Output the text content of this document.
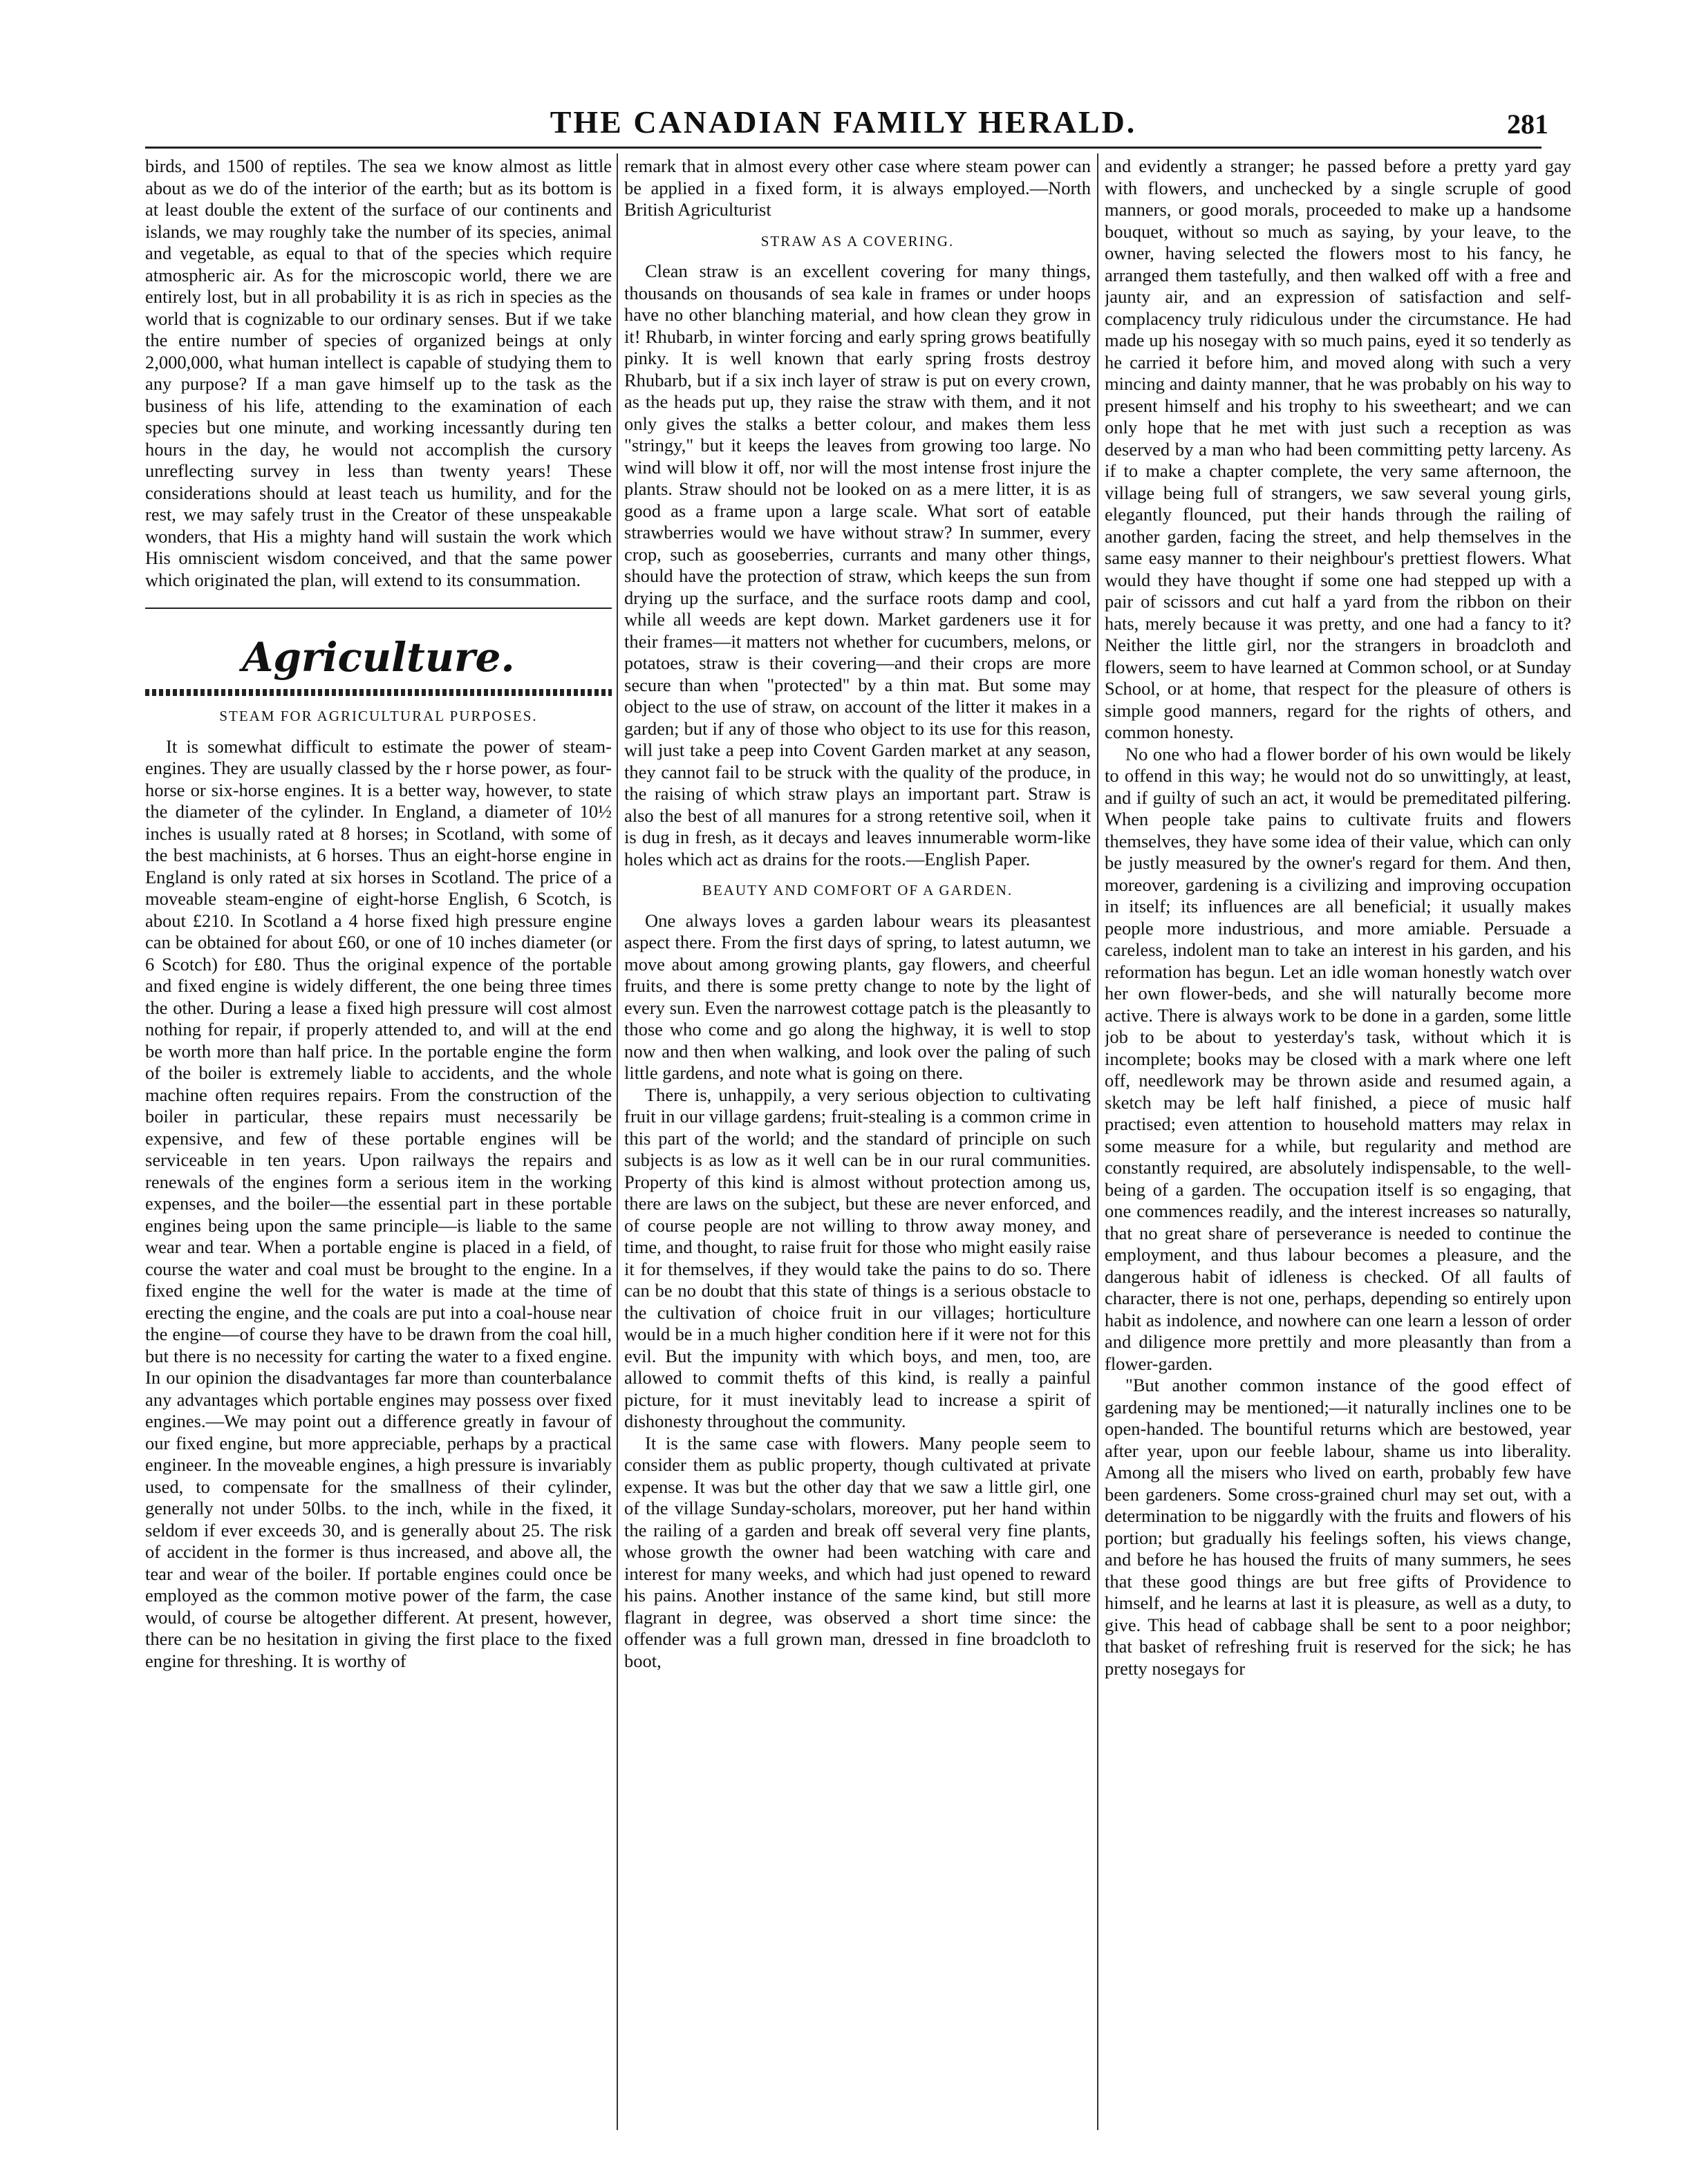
THE CANADIAN FAMILY HERALD.	281

birds, and 1500 of reptiles. The sea we know almost as little about as we do of the interior of the earth; but as its bottom is at least double the extent of the surface of our continents and islands, we may roughly take the number of its species, animal and vegetable, as equal to that of the species which require atmospheric air. As for the microscopic world, there we are entirely lost, but in all probability it is as rich in species as the world that is cognizable to our ordinary senses. But if we take the entire number of species of organized beings at only 2,000,000, what human intellect is capable of studying them to any purpose? If a man gave himself up to the task as the business of his life, attending to the examination of each species but one minute, and working incessantly during ten hours in the day, he would not accomplish the cursory unreflecting survey in less than twenty years! These considerations should at least teach us humility, and for the rest, we may safely trust in the Creator of these unspeakable wonders, that His a mighty hand will sustain the work which His omniscient wisdom conceived, and that the same power which originated the plan, will extend to its consummation.

Agriculture.
STEAM FOR AGRICULTURAL PURPOSES.

It is somewhat difficult to estimate the power of steam-engines. They are usually classed by the r horse power, as four-horse or six-horse engines. It is a better way, however, to state the diameter of the cylinder. In England, a diameter of 10½ inches is usually rated at 8 horses; in Scotland, with some of the best machinists, at 6 horses. Thus an eight-horse engine in England is only rated at six horses in Scotland. The price of a moveable steam-engine of eight-horse English, 6 Scotch, is about £210. In Scotland a 4 horse fixed high pressure engine can be obtained for about £60, or one of 10 inches diameter (or 6 Scotch) for £80. Thus the original expence of the portable and fixed engine is widely different, the one being three times the other. During a lease a fixed high pressure will cost almost nothing for repair, if properly attended to, and will at the end be worth more than half price. In the portable engine the form of the boiler is extremely liable to accidents, and the whole machine often requires repairs. From the construction of the boiler in particular, these repairs must necessarily be expensive, and few of these portable engines will be serviceable in ten years. Upon railways the repairs and renewals of the engines form a serious item in the working expenses, and the boiler—the essential part in these portable engines being upon the same principle—is liable to the same wear and tear. When a portable engine is placed in a field, of course the water and coal must be brought to the engine. In a fixed engine the well for the water is made at the time of erecting the engine, and the coals are put into a coal-house near the engine—of course they have to be drawn from the coal hill, but there is no necessity for carting the water to a fixed engine. In our opinion the disadvantages far more than counterbalance any advantages which portable engines may possess over fixed engines.—We may point out a difference greatly in favour of our fixed engine, but more appreciable, perhaps by a practical engineer. In the moveable engines, a high pressure is invariably used, to compensate for the smallness of their cylinder, generally not under 50lbs. to the inch, while in the fixed, it seldom if ever exceeds 30, and is generally about 25. The risk of accident in the former is thus increased, and above all, the tear and wear of the boiler. If portable engines could once be employed as the common motive power of the farm, the case would, of course be altogether different. At present, however, there can be no hesitation in giving the first place to the fixed engine for threshing. It is worthy of

remark that in almost every other case where steam power can be applied in a fixed form, it is always employed.—North British Agriculturist

STRAW AS A COVERING.

Clean straw is an excellent covering for many things, thousands on thousands of sea kale in frames or under hoops have no other blanching material, and how clean they grow in it! Rhubarb, in winter forcing and early spring grows beatifully pinky. It is well known that early spring frosts destroy Rhubarb, but if a six inch layer of straw is put on every crown, as the heads put up, they raise the straw with them, and it not only gives the stalks a better colour, and makes them less "stringy," but it keeps the leaves from growing too large. No wind will blow it off, nor will the most intense frost injure the plants. Straw should not be looked on as a mere litter, it is as good as a frame upon a large scale. What sort of eatable strawberries would we have without straw? In summer, every crop, such as gooseberries, currants and many other things, should have the protection of straw, which keeps the sun from drying up the surface, and the surface roots damp and cool, while all weeds are kept down. Market gardeners use it for their frames—it matters not whether for cucumbers, melons, or potatoes, straw is their covering—and their crops are more secure than when "protected" by a thin mat. But some may object to the use of straw, on account of the litter it makes in a garden; but if any of those who object to its use for this reason, will just take a peep into Covent Garden market at any season, they cannot fail to be struck with the quality of the produce, in the raising of which straw plays an important part. Straw is also the best of all manures for a strong retentive soil, when it is dug in fresh, as it decays and leaves innumerable worm-like holes which act as drains for the roots.—English Paper.

BEAUTY AND COMFORT OF A GARDEN.

One always loves a garden labour wears its pleasantest aspect there. From the first days of spring, to latest autumn, we move about among growing plants, gay flowers, and cheerful fruits, and there is some pretty change to note by the light of every sun. Even the narrowest cottage patch is the pleasantly to those who come and go along the highway, it is well to stop now and then when walking, and look over the paling of such little gardens, and note what is going on there.

There is, unhappily, a very serious objection to cultivating fruit in our village gardens; fruit-stealing is a common crime in this part of the world; and the standard of principle on such subjects is as low as it well can be in our rural communities. Property of this kind is almost without protection among us, there are laws on the subject, but these are never enforced, and of course people are not willing to throw away money, and time, and thought, to raise fruit for those who might easily raise it for themselves, if they would take the pains to do so. There can be no doubt that this state of things is a serious obstacle to the cultivation of choice fruit in our villages; horticulture would be in a much higher condition here if it were not for this evil. But the impunity with which boys, and men, too, are allowed to commit thefts of this kind, is really a painful picture, for it must inevitably lead to increase a spirit of dishonesty throughout the community.

It is the same case with flowers. Many people seem to consider them as public property, though cultivated at private expense. It was but the other day that we saw a little girl, one of the village Sunday-scholars, moreover, put her hand within the railing of a garden and break off several very fine plants, whose growth the owner had been watching with care and interest for many weeks, and which had just opened to reward his pains. Another instance of the same kind, but still more flagrant in degree, was observed a short time since: the offender was a full grown man, dressed in fine broadcloth to boot,

and evidently a stranger; he passed before a pretty yard gay with flowers, and unchecked by a single scruple of good manners, or good morals, proceeded to make up a handsome bouquet, without so much as saying, by your leave, to the owner, having selected the flowers most to his fancy, he arranged them tastefully, and then walked off with a free and jaunty air, and an expression of satisfaction and self-complacency truly ridiculous under the circumstance. He had made up his nosegay with so much pains, eyed it so tenderly as he carried it before him, and moved along with such a very mincing and dainty manner, that he was probably on his way to present himself and his trophy to his sweetheart; and we can only hope that he met with just such a reception as was deserved by a man who had been committing petty larceny. As if to make a chapter complete, the very same afternoon, the village being full of strangers, we saw several young girls, elegantly flounced, put their hands through the railing of another garden, facing the street, and help themselves in the same easy manner to their neighbour's prettiest flowers. What would they have thought if some one had stepped up with a pair of scissors and cut half a yard from the ribbon on their hats, merely because it was pretty, and one had a fancy to it? Neither the little girl, nor the strangers in broadcloth and flowers, seem to have learned at Common school, or at Sunday School, or at home, that respect for the pleasure of others is simple good manners, regard for the rights of others, and common honesty.

No one who had a flower border of his own would be likely to offend in this way; he would not do so unwittingly, at least, and if guilty of such an act, it would be premeditated pilfering. When people take pains to cultivate fruits and flowers themselves, they have some idea of their value, which can only be justly measured by the owner's regard for them. And then, moreover, gardening is a civilizing and improving occupation in itself; its influences are all beneficial; it usually makes people more industrious, and more amiable. Persuade a careless, indolent man to take an interest in his garden, and his reformation has begun. Let an idle woman honestly watch over her own flower-beds, and she will naturally become more active. There is always work to be done in a garden, some little job to be about to yesterday's task, without which it is incomplete; books may be closed with a mark where one left off, needlework may be thrown aside and resumed again, a sketch may be left half finished, a piece of music half practised; even attention to household matters may relax in some measure for a while, but regularity and method are constantly required, are absolutely indispensable, to the well-being of a garden. The occupation itself is so engaging, that one commences readily, and the interest increases so naturally, that no great share of perseverance is needed to continue the employment, and thus labour becomes a pleasure, and the dangerous habit of idleness is checked. Of all faults of character, there is not one, perhaps, depending so entirely upon habit as indolence, and nowhere can one learn a lesson of order and diligence more prettily and more pleasantly than from a flower-garden.

"But another common instance of the good effect of gardening may be mentioned;—it naturally inclines one to be open-handed. The bountiful returns which are bestowed, year after year, upon our feeble labour, shame us into liberality. Among all the misers who lived on earth, probably few have been gardeners. Some cross-grained churl may set out, with a determination to be niggardly with the fruits and flowers of his portion; but gradually his feelings soften, his views change, and before he has housed the fruits of many summers, he sees that these good things are but free gifts of Providence to himself, and he learns at last it is pleasure, as well as a duty, to give. This head of cabbage shall be sent to a poor neighbor; that basket of refreshing fruit is reserved for the sick; he has pretty nosegays for
